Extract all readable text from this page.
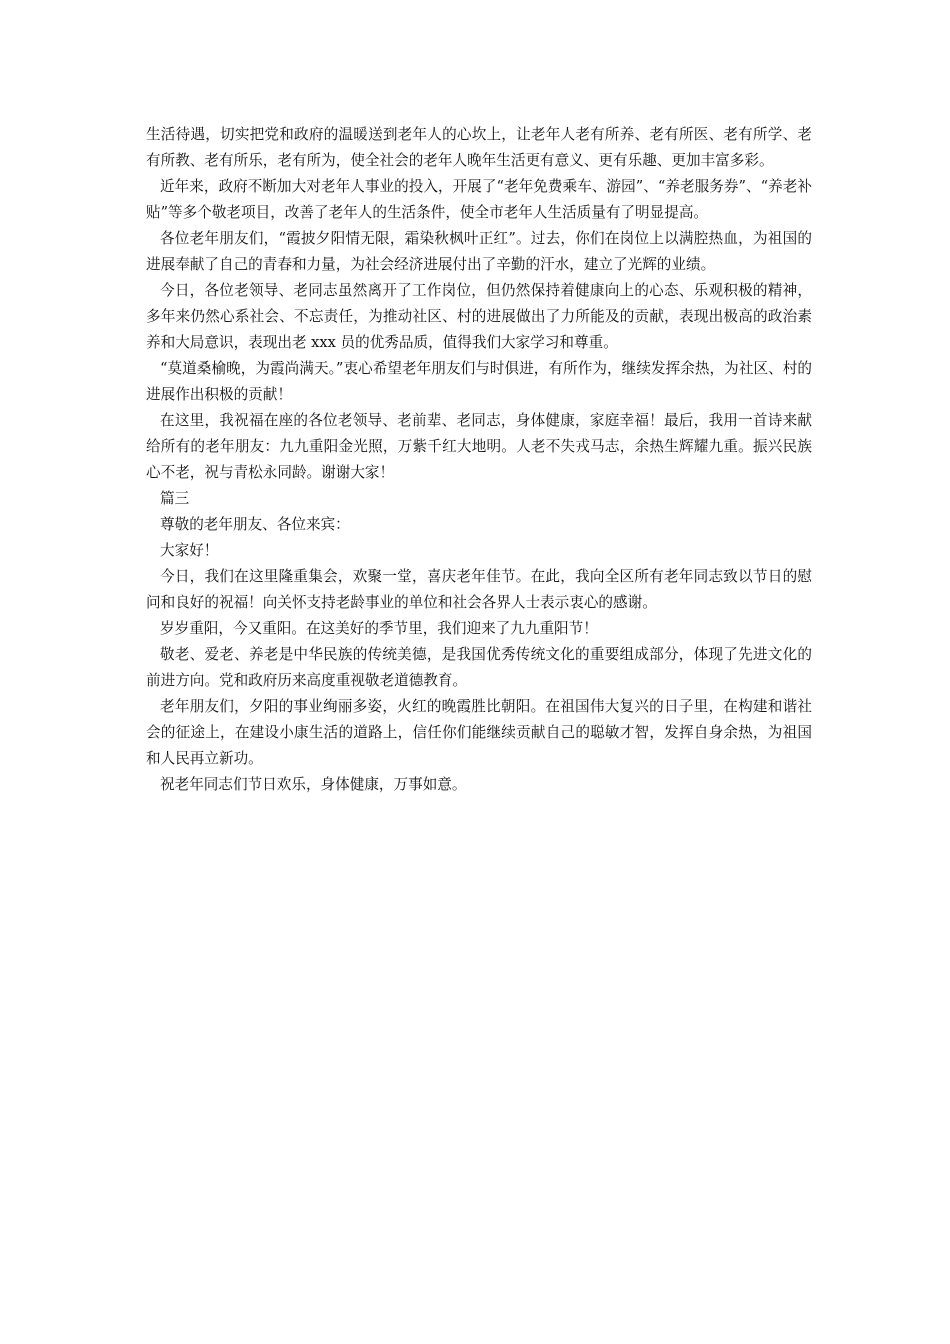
生活待遇，切实把党和政府的温暖送到老年人的心坎上，让老年人老有所养、老有所医、老有所学、老有所教、老有所乐，老有所为，使全社会的老年人晚年生活更有意义、更有乐趣、更加丰富多彩。

近年来，政府不断加大对老年人事业的投入，开展了“老年免费乘车、游园”、“养老服务券”、“养老补贴”等多个敬老项目，改善了老年人的生活条件，使全市老年人生活质量有了明显提高。

各位老年朋友们，“霞披夕阳情无限，霜染秋枫叶正红”。过去，你们在岗位上以满腔热血，为祖国的进展奉献了自己的青春和力量，为社会经济进展付出了辛勤的汗水，建立了光辉的业绩。

今日，各位老领导、老同志虽然离开了工作岗位，但仍然保持着健康向上的心态、乐观积极的精神，多年来仍然心系社会、不忘责任，为推动社区、村的进展做出了力所能及的贡献，表现出极高的政治素养和大局意识，表现出老 xxx 员的优秀品质，值得我们大家学习和尊重。

“莫道桑榆晚，为霞尚满天。”衷心希望老年朋友们与时俱进，有所作为，继续发挥余热，为社区、村的进展作出积极的贡献！

在这里，我祝福在座的各位老领导、老前辈、老同志，身体健康，家庭幸福！最后，我用一首诗来献给所有的老年朋友：九九重阳金光照，万紫千红大地明。人老不失戎马志，余热生辉耀九重。振兴民族心不老，祝与青松永同龄。谢谢大家！

篇三

尊敬的老年朋友、各位来宾：

大家好！

今日，我们在这里隆重集会，欢聚一堂，喜庆老年佳节。在此，我向全区所有老年同志致以节日的慰问和良好的祝福！向关怀支持老龄事业的单位和社会各界人士表示衷心的感谢。

岁岁重阳，今又重阳。在这美好的季节里，我们迎来了九九重阳节！

敬老、爱老、养老是中华民族的传统美德，是我国优秀传统文化的重要组成部分，体现了先进文化的前进方向。党和政府历来高度重视敬老道德教育。

老年朋友们，夕阳的事业绚丽多姿，火红的晚霞胜比朝阳。在祖国伟大复兴的日子里，在构建和谐社会的征途上，在建设小康生活的道路上，信任你们能继续贡献自己的聪敏才智，发挥自身余热，为祖国和人民再立新功。

祝老年同志们节日欢乐，身体健康，万事如意。
